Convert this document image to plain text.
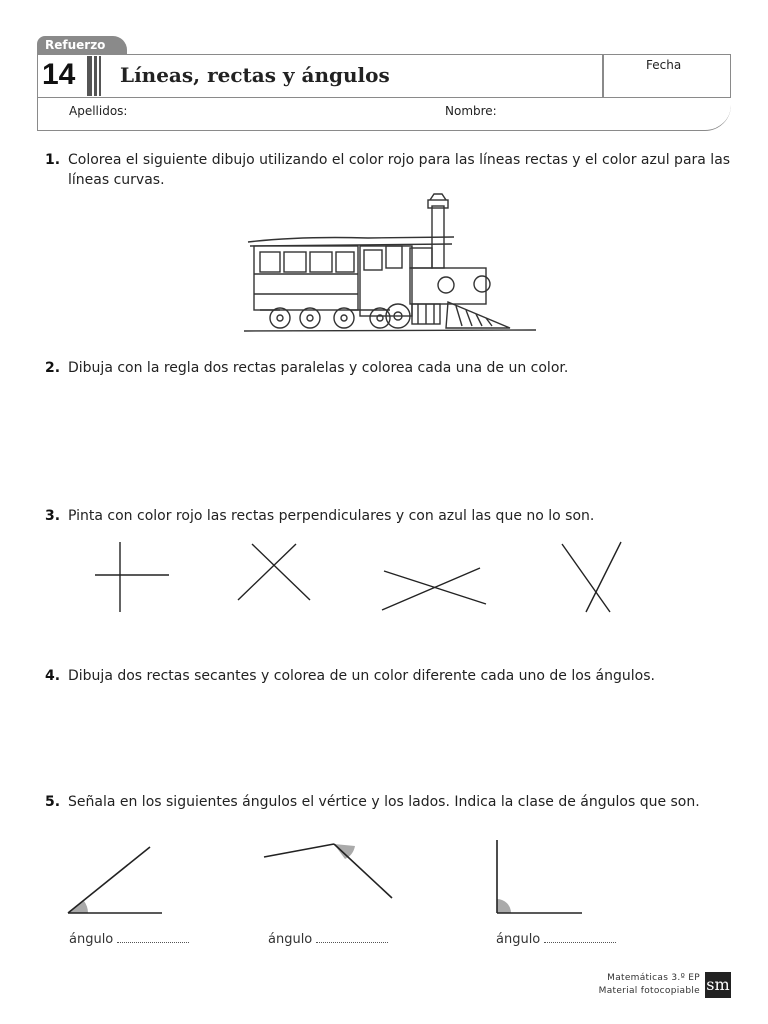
Refuerzo
14 Líneas, rectas y ángulos	Fecha
Apellidos:	Nombre:
1. Colorea el siguiente dibujo utilizando el color rojo para las líneas rectas y el color azul para las líneas curvas.
2. Dibuja con la regla dos rectas paralelas y colorea cada una de un color.
3. Pinta con color rojo las rectas perpendiculares y con azul las que no lo son.
4. Dibuja dos rectas secantes y colorea de un color diferente cada uno de los ángulos.
5. Señala en los siguientes ángulos el vértice y los lados. Indica la clase de ángulos que son.
ángulo	ángulo	ángulo
Matemáticas 3.º EP
Material fotocopiable sm
